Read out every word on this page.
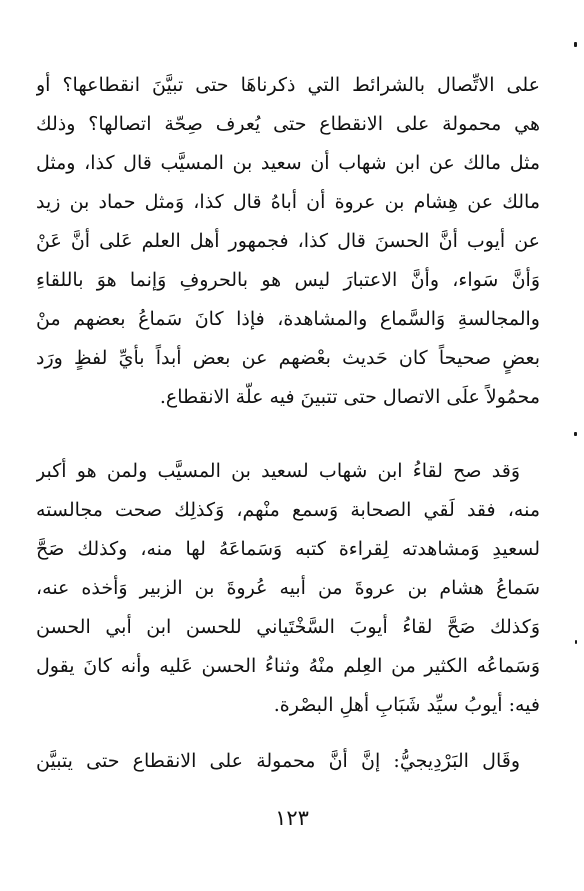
على الاتِّصال بالشرائط التي ذكرناهَا حتى تبيَّنَ انقطاعها؟ أو
هي محمولة على الانقطاع حتى يُعرف صِحّة اتصالها؟ وذلك
مثل مالك عن ابن شهاب أن سعيد بن المسيَّب قال كذا، ومثل
مالك عن هِشام بن عروة أن أباهُ قال كذا، وَمثل حماد بن زيد
عن أيوب أنَّ الحسنَ قال كذا، فجمهور أهل العلم عَلى أنَّ عَنْ
وَأنَّ سَواء، وأنَّ الاعتبارَ ليس هو بالحروفِ وَإنما هوَ باللقاءِ
والمجالسةِ وَالسَّماع والمشاهدة، فإذا كانَ سَماعُ بعضهم منْ
بعضٍ صحيحاً كان حَديث بعْضهم عن بعض أبداً بأيِّ لفظٍ ورَد
محمُولاً علَى الاتصال حتى تتبينَ فيه علّة الانقطاع.
وَقد صح لقاءُ ابن شهاب لسعيد بن المسيَّب ولمن هو أكبر
منه، فقد لَقي الصحابة وَسمع منْهم، وَكذلِك صحت مجالسته
لسعيدِ وَمشاهدته لِقراءة كتبه وَسَماعَهُ لها منه، وكذلك صَحَّ
سَماعُ هشام بن عروةَ من أبيه عُروةَ بن الزبير وَأخذه عنه،
وَكذلك صَحَّ لقاءُ أيوبَ السَّخْتَياني للحسن ابن أبي الحسن
وَسَماعُه الكثير من العِلم منْهُ وثناءُ الحسن عَليه وأنه كانَ يقول
فيه: أيوبُ سيِّد شَبَابِ أهلِ البصْرة.
وقَال البَرْدِيجيُّ: إنَّ أنَّ محمولة على الانقطاع حتى يتبيَّن
١٢٣
